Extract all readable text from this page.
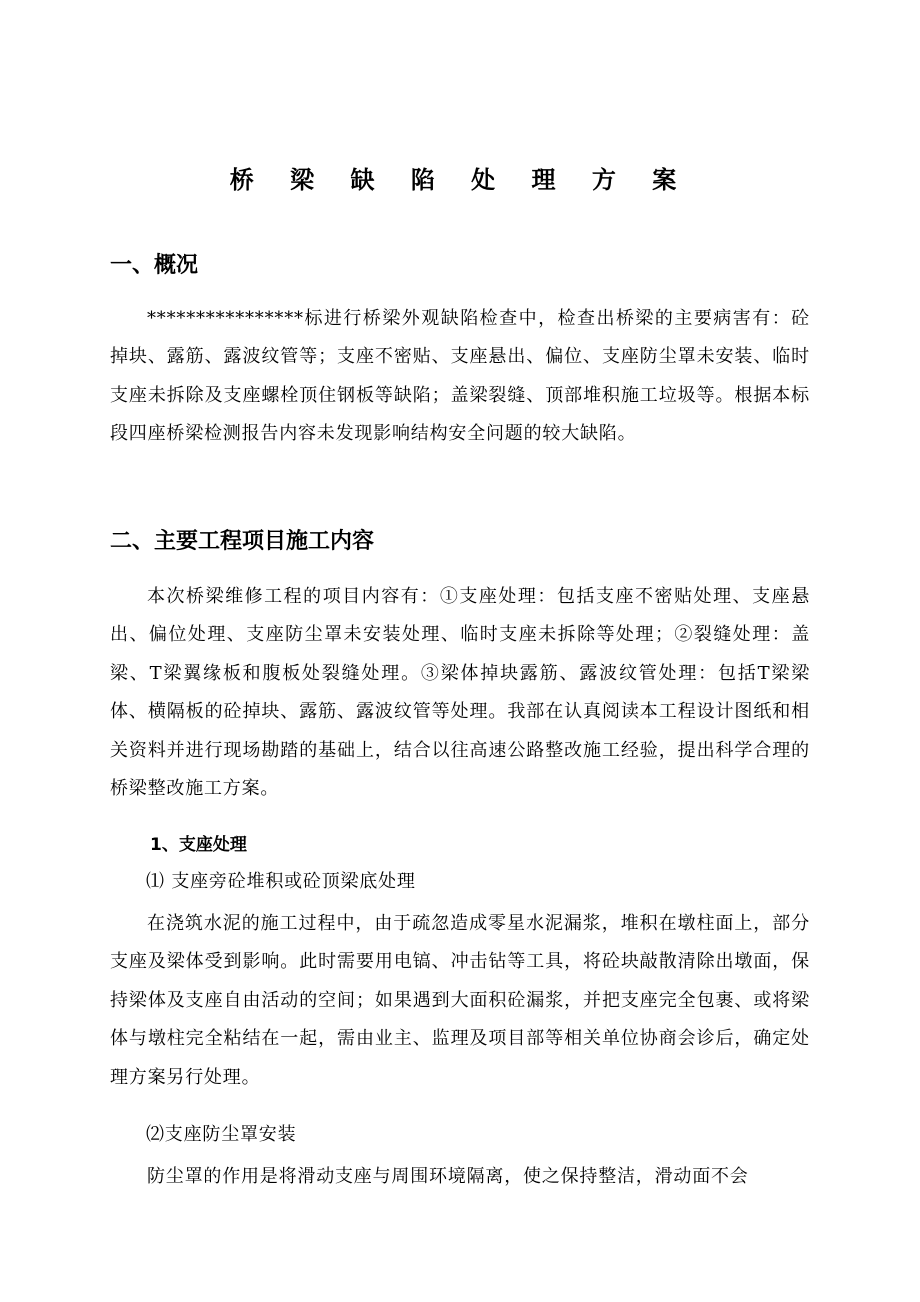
桥 梁 缺 陷 处 理 方 案
一、概况

****************标进行桥梁外观缺陷检查中，检查出桥梁的主要病害有：砼掉块、露筋、露波纹管等；支座不密贴、支座悬出、偏位、支座防尘罩未安装、临时支座未拆除及支座螺栓顶住钢板等缺陷；盖梁裂缝、顶部堆积施工垃圾等。根据本标段四座桥梁检测报告内容未发现影响结构安全问题的较大缺陷。

二、主要工程项目施工内容

本次桥梁维修工程的项目内容有：①支座处理：包括支座不密贴处理、支座悬出、偏位处理、支座防尘罩未安装处理、临时支座未拆除等处理；②裂缝处理：盖梁、T梁翼缘板和腹板处裂缝处理。③梁体掉块露筋、露波纹管处理：包括T梁梁体、横隔板的砼掉块、露筋、露波纹管等处理。我部在认真阅读本工程设计图纸和相关资料并进行现场勘踏的基础上，结合以往高速公路整改施工经验，提出科学合理的桥梁整改施工方案。

1、支座处理
⑴ 支座旁砼堆积或砼顶梁底处理

在浇筑水泥的施工过程中，由于疏忽造成零星水泥漏浆，堆积在墩柱面上，部分支座及梁体受到影响。此时需要用电镐、冲击钻等工具，将砼块敲散清除出墩面，保持梁体及支座自由活动的空间；如果遇到大面积砼漏浆，并把支座完全包裹、或将梁体与墩柱完全粘结在一起，需由业主、监理及项目部等相关单位协商会诊后，确定处理方案另行处理。

⑵支座防尘罩安装

防尘罩的作用是将滑动支座与周围环境隔离，使之保持整洁，滑动面不会
